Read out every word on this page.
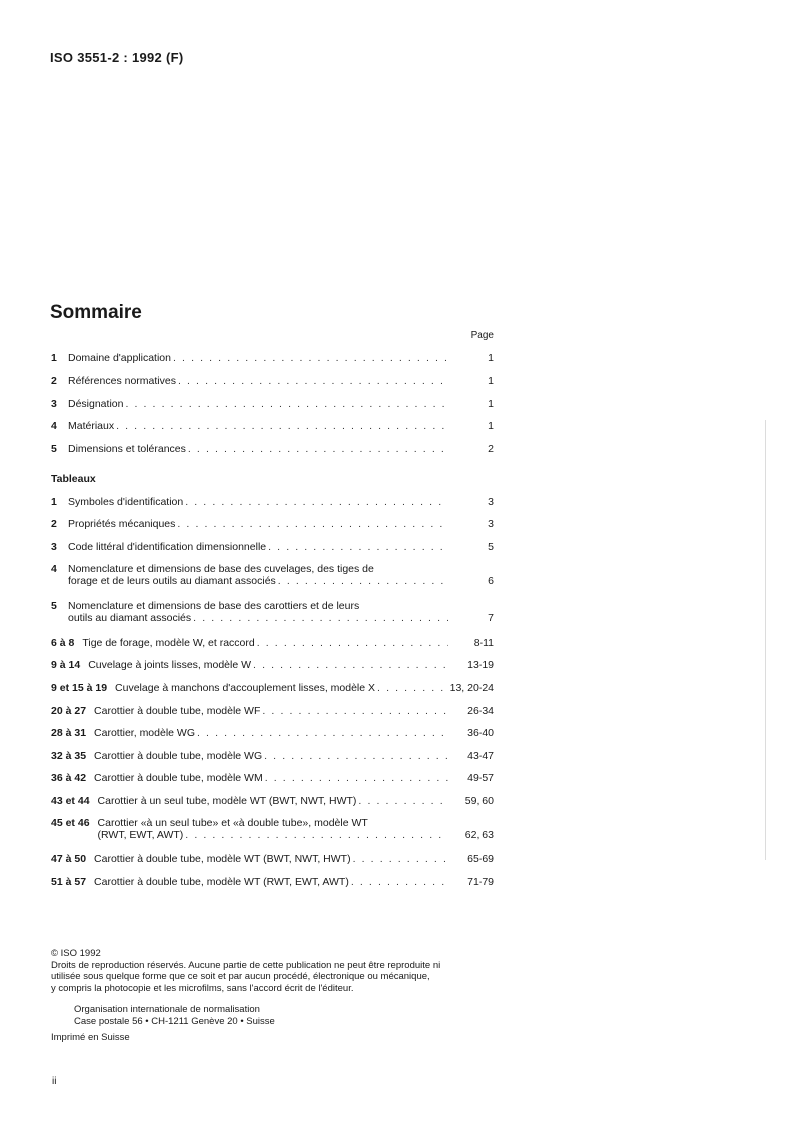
ISO 3551-2 : 1992 (F)
Sommaire
Page
1	Domaine d'application . . .	1
2	Références normatives . . .	1
3	Désignation . . .	1
4	Matériaux . . .	1
5	Dimensions et tolérances . . .	2
Tableaux
1	Symboles d'identification . . .	3
2	Propriétés mécaniques . . .	3
3	Code littéral d'identification dimensionnelle . . .	5
4	Nomenclature et dimensions de base des cuvelages, des tiges de
forage et de leurs outils au diamant associés . . .	6
5	Nomenclature et dimensions de base des carottiers et de leurs
outils au diamant associés . . .	7
6 à 8 Tige de forage, modèle W, et raccord . . .	8-11
9 à 14 Cuvelage à joints lisses, modèle W . . .	13-19
9 et 15 à 19 Cuvelage à manchons d'accouplement lisses, modèle X . . .	13, 20-24
20 à 27 Carottier à double tube, modèle WF . . .	26-34
28 à 31 Carottier, modèle WG . . .	36-40
32 à 35 Carottier à double tube, modèle WG . . .	43-47
36 à 42 Carottier à double tube, modèle WM . . .	49-57
43 et 44 Carottier à un seul tube, modèle WT (BWT, NWT, HWT) . . .	59, 60
45 et 46 Carottier «à un seul tube» et «à double tube», modèle WT
(RWT, EWT, AWT) . . .	62, 63
47 à 50 Carottier à double tube, modèle WT (BWT, NWT, HWT) . . .	65-69
51 à 57 Carottier à double tube, modèle WT (RWT, EWT, AWT) . . .	71-79

© ISO 1992

Droits de reproduction réservés. Aucune partie de cette publication ne peut être reproduite ni

utilisée sous quelque forme que ce soit et par aucun procédé, électronique ou mécanique,

y compris la photocopie et les microfilms, sans l'accord écrit de l'éditeur.

Organisation internationale de normalisation
Case postale 56 • CH-1211 Genève 20 • Suisse
Imprimé en Suisse
ii
